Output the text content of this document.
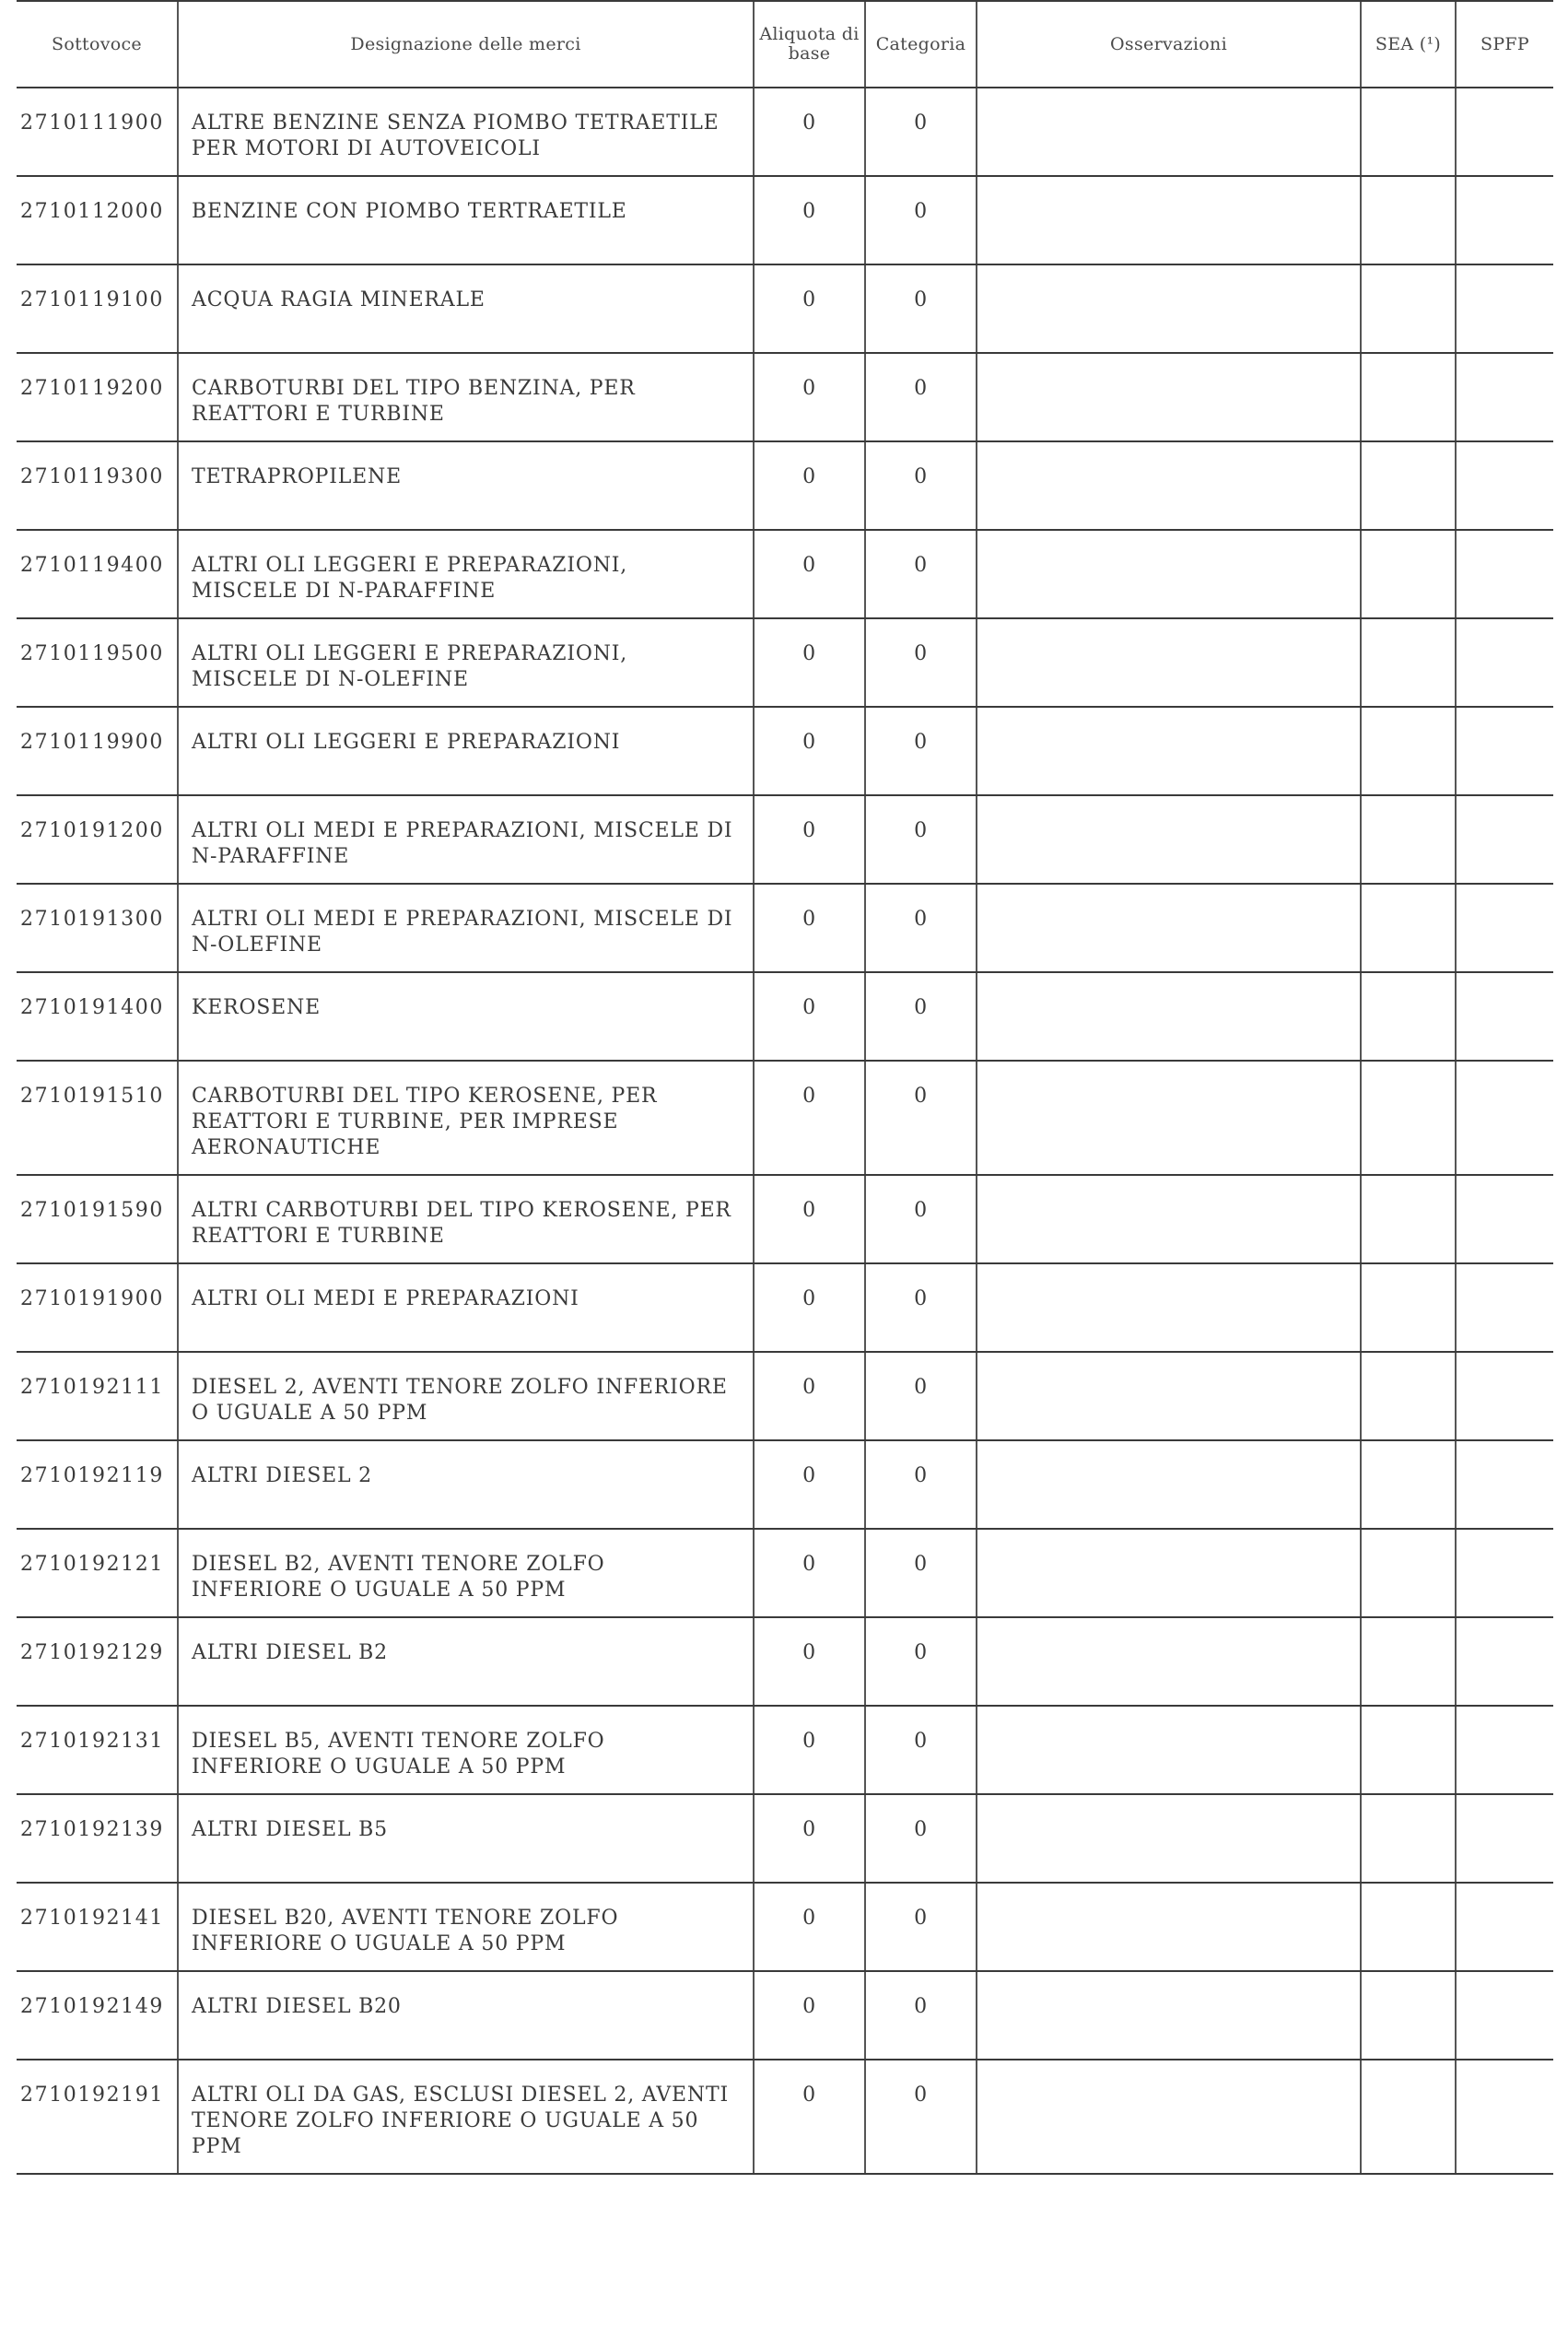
Sottovoce	Designazione delle merci	Aliquota di base	Categoria	Osservazioni	SEA (¹)	SPFP
2710111900	ALTRE BENZINE SENZA PIOMBO TETRAETILE PER MOTORI DI AUTOVEICOLI	0	0			
2710112000	BENZINE CON PIOMBO TERTRAETILE	0	0			
2710119100	ACQUA RAGIA MINERALE	0	0			
2710119200	CARBOTURBI DEL TIPO BENZINA, PER REATTORI E TURBINE	0	0			
2710119300	TETRAPROPILENE	0	0			
2710119400	ALTRI OLI LEGGERI E PREPARAZIONI, MISCELE DI N-PARAFFINE	0	0			
2710119500	ALTRI OLI LEGGERI E PREPARAZIONI, MISCELE DI N-OLEFINE	0	0			
2710119900	ALTRI OLI LEGGERI E PREPARAZIONI	0	0			
2710191200	ALTRI OLI MEDI E PREPARAZIONI, MISCELE DI N-PARAFFINE	0	0			
2710191300	ALTRI OLI MEDI E PREPARAZIONI, MISCELE DI N-OLEFINE	0	0			
2710191400	KEROSENE	0	0			
2710191510	CARBOTURBI DEL TIPO KEROSENE, PER REATTORI E TURBINE, PER IMPRESE AERONAUTICHE	0	0			
2710191590	ALTRI CARBOTURBI DEL TIPO KEROSENE, PER REATTORI E TURBINE	0	0			
2710191900	ALTRI OLI MEDI E PREPARAZIONI	0	0			
2710192111	DIESEL 2, AVENTI TENORE ZOLFO INFERIORE O UGUALE A 50 PPM	0	0			
2710192119	ALTRI DIESEL 2	0	0			
2710192121	DIESEL B2, AVENTI TENORE ZOLFO INFERIORE O UGUALE A 50 PPM	0	0			
2710192129	ALTRI DIESEL B2	0	0			
2710192131	DIESEL B5, AVENTI TENORE ZOLFO INFERIORE O UGUALE A 50 PPM	0	0			
2710192139	ALTRI DIESEL B5	0	0			
2710192141	DIESEL B20, AVENTI TENORE ZOLFO INFERIORE O UGUALE A 50 PPM	0	0			
2710192149	ALTRI DIESEL B20	0	0			
2710192191	ALTRI OLI DA GAS, ESCLUSI DIESEL 2, AVENTI TENORE ZOLFO INFERIORE O UGUALE A 50 PPM	0	0			
